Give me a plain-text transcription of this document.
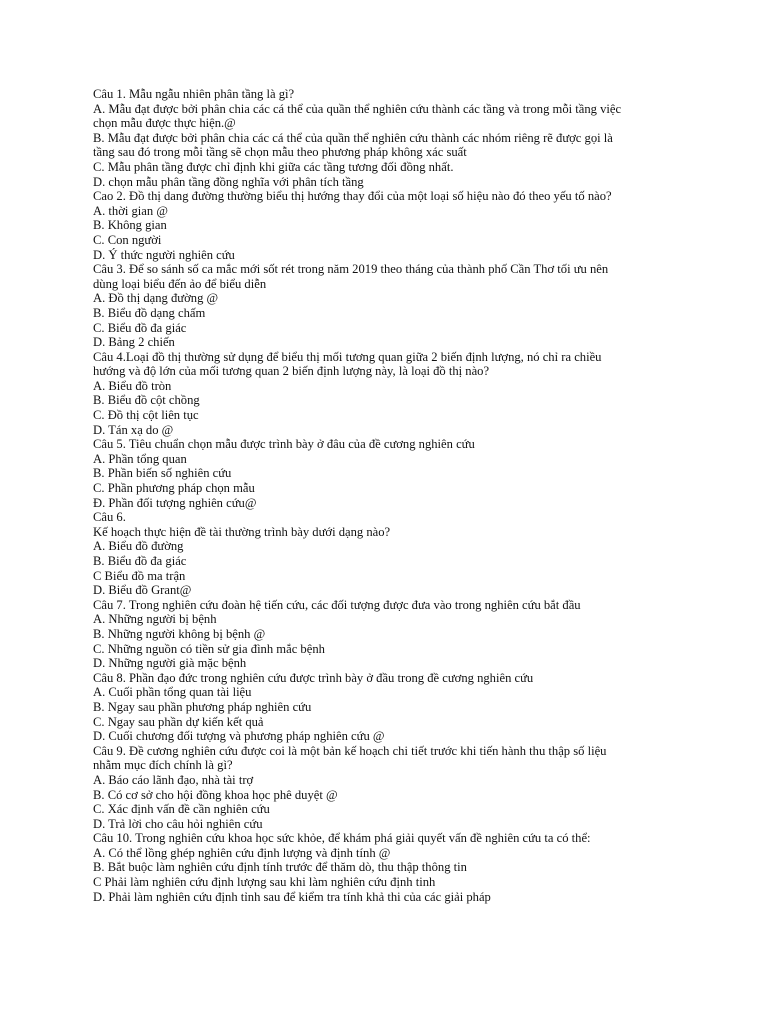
Câu 1. Mẫu ngẫu nhiên phân tầng là gì?
A. Mẫu đạt được bởi phân chia các cá thể của quần thể nghiên cứu thành các tầng và trong mỗi tầng việc
chọn mẫu được thực hiện.@
B. Mẫu đạt được bởi phân chia các cá thể của quần thể nghiên cứu thành các nhóm riêng rẽ được gọi là
tầng sau đó trong mỗi tầng sẽ chọn mẫu theo phương pháp không xác suất
C. Mẫu phân tầng được chỉ định khi giữa các tầng tương đối đồng nhất.
D. chọn mẫu phân tầng đồng nghĩa với phân tích tầng
Cao 2. Đồ thị dang đường thường biểu thị hướng thay đổi của một loại số hiệu nào đó theo yếu tố nào?
A. thời gian @
B. Không gian
C. Con người
D. Ý thức người nghiên cứu
Câu 3. Để so sánh số ca mắc mới sốt rét trong năm 2019 theo tháng của thành phố Cần Thơ tối ưu nên
dùng loại biểu đến ảo để biểu diễn
A. Đồ thị dạng đường @
B. Biểu đồ dạng chấm
C. Biểu đồ đa giác
D. Bảng 2 chiến
Câu 4.Loại đồ thị thường sử dụng để biểu thị mối tương quan giữa 2 biến định lượng, nó chỉ ra chiều
hướng và độ lớn của mối tương quan 2 biến định lượng này, là loại đồ thị nào?
A. Biểu đồ tròn
B. Biểu đồ cột chồng
C. Đồ thị cột liên tục
D. Tán xạ do @
Câu 5. Tiêu chuẩn chọn mẫu được trình bày ở đâu của đề cương nghiên cứu
A. Phần tổng quan
B. Phần biến số nghiên cứu
C. Phần phương pháp chọn mẫu
Đ. Phần đối tượng nghiên cứu@
Câu 6.
Kế hoạch thực hiện đề tài thường trình bày dưới dạng nào?
A. Biểu đồ đường
B. Biểu đồ đa giác
C Biểu đồ ma trận
D. Biểu đồ Grant@
Câu 7. Trong nghiên cứu đoàn hệ tiến cứu, các đối tượng được đưa vào trong nghiên cứu bắt đầu
A. Những người bị bệnh
B. Những người không bị bệnh @
C. Những nguồn có tiền sử gia đình mắc bệnh
D. Những người già mặc bệnh
Câu 8. Phần đạo đức trong nghiên cứu được trình bày ở đầu trong đề cương nghiên cứu
A. Cuối phần tổng quan tài liệu
B. Ngay sau phần phương pháp nghiên cứu
C. Ngay sau phần dự kiến kết quả
D. Cuối chương đối tượng và phương pháp nghiên cứu @
Câu 9. Đề cương nghiên cứu được coi là một bản kế hoạch chi tiết trước khi tiến hành thu thập số liệu
nhằm mục đích chính là gì?
A. Báo cáo lãnh đạo, nhà tài trợ
B. Có cơ sở cho hội đồng khoa học phê duyệt @
C. Xác định vấn đề cần nghiên cứu
D. Trả lời cho câu hỏi nghiên cứu
Câu 10. Trong nghiên cứu khoa học sức khỏe, để khám phá giải quyết vấn đề nghiên cứu ta có thể:
A. Có thể lồng ghép nghiên cứu định lượng và định tính @
B. Bắt buộc làm nghiên cứu định tính trước để thăm dò, thu thập thông tin
C Phải làm nghiên cứu định lượng sau khi làm nghiên cứu định tinh
D. Phải làm nghiên cứu định tỉnh sau để kiểm tra tính khả thi của các giải pháp
